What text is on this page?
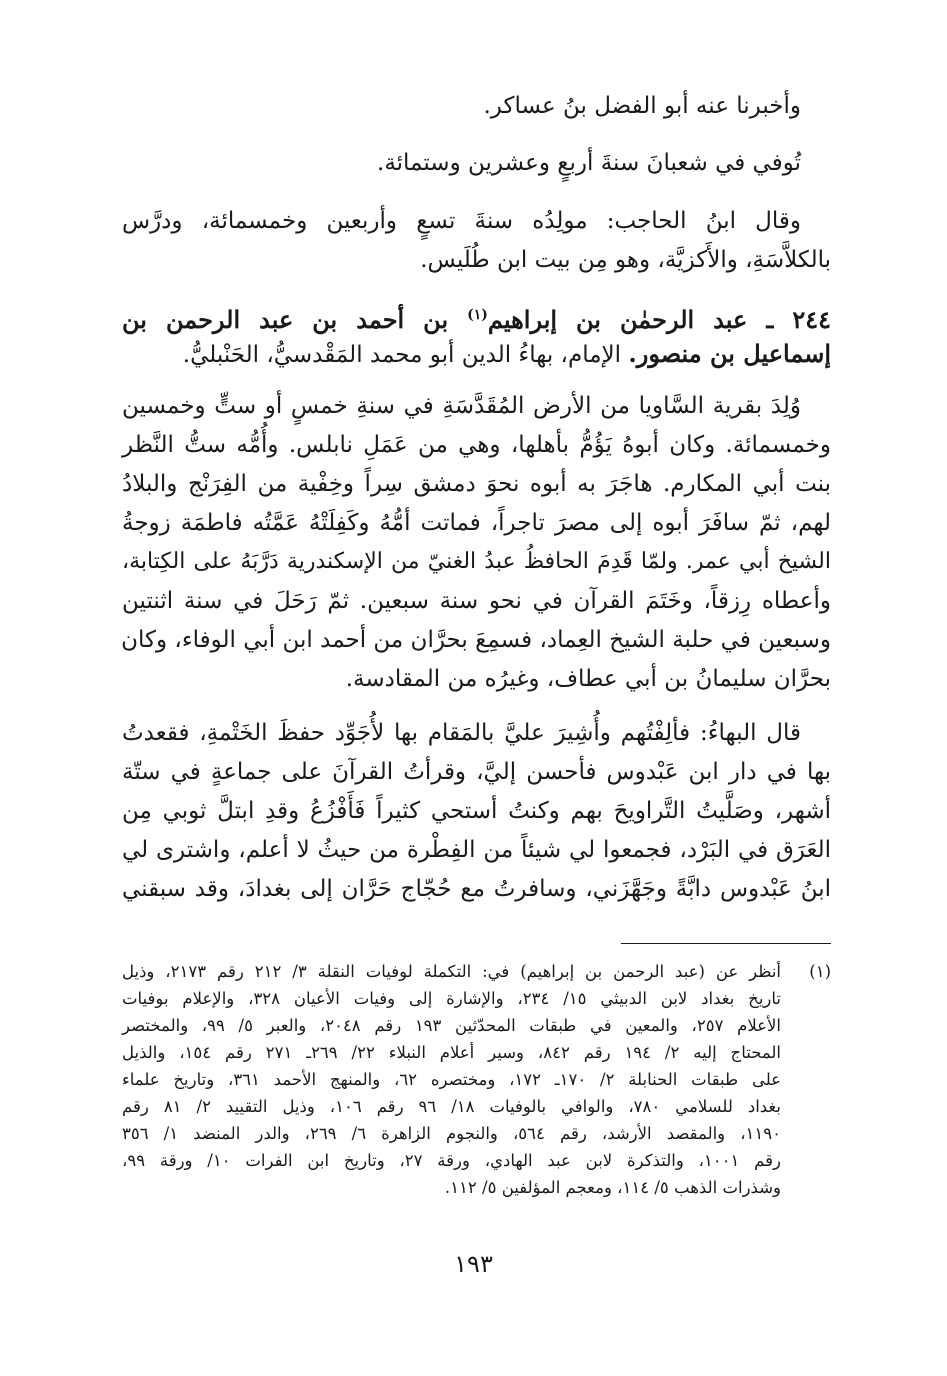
وأخبرنا عنه أبو الفضل بنُ عساكر.
تُوفي في شعبانَ سنةَ أربعٍ وعشرين وستمائة.
وقال ابنُ الحاجب: مولِدُه سنةَ تسعٍ وأربعين وخمسمائة، ودرَّس
بالكلاَّسَةِ، والأَكزيَّة، وهو مِن بيت ابن طُلَيس.
٢٤٤ ـ عبد الرحمٰن بن إبراهيم$^{(١)}$ بن أحمد بن عبد الرحمن بن
إسماعيل بن منصور. الإمام، بهاءُ الدين أبو محمد المَقْدسيُّ، الحَنْبليُّ.
وُلِدَ بقرية السَّاويا من الأرض المُقَدَّسَةِ في سنةِ خمسٍ أو ستٍّ وخمسين
وخمسمائة. وكان أبوهُ يَؤُمُّ بأهلها، وهي من عَمَلِ نابلس. وأُمُّه ستُّ النَّظر
بنت أبي المكارم. هاجَرَ به أبوه نحوَ دمشق سِراً وخِفْية من الفِرَنْج والبلادُ
لهم، ثمّ سافَرَ أبوه إلى مصرَ تاجراً، فماتت أمُّهُ وكَفِلَتْهُ عَمَّتُه فاطمَة زوجةُ
الشيخ أبي عمر. ولمّا قَدِمَ الحافظُ عبدُ الغنيّ من الإسكندرية دَرَّبَهُ على الكِتابة،
وأعطاه رِزقاً، وخَتَمَ القرآن في نحو سنة سبعين. ثمّ رَحَلَ في سنة اثنتين
وسبعين في حلبة الشيخ العِماد، فسمِعَ بحرَّان من أحمد ابن أبي الوفاء، وكان
بحرَّان سليمانُ بن أبي عطاف، وغيرُه من المقادسة.
قال البهاءُ: فألِفْتُهم وأُشِيرَ عليَّ بالمَقام بها لأُجَوِّد حفظَ الخَتْمةِ، فقعدتُ
بها في دار ابن عَبْدوس فأحسن إليَّ، وقرأتُ القرآنَ على جماعةٍ في ستّة
أشهر، وصَلَّيتُ التَّراويحَ بهم وكنتُ أستحي كثيراً فَأَفْزُعُ وقدِ ابتلَّ ثوبي مِن
العَرَق في البَرْد، فجمعوا لي شيئاً من الفِطْرة من حيثُ لا أعلم، واشترى لي
ابنُ عَبْدوس دابَّةً وجَهَّزَني، وسافرتُ مع حُجّاج حَرَّان إلى بغدادَ، وقد سبقني
(١)
أنظر عن (عبد الرحمن بن إبراهيم) في: التكملة لوفيات النقلة ٣/ ٢١٢ رقم ٢١٧٣، وذيل
تاريخ بغداد لابن الدبيثي ١٥/ ٢٣٤، والإشارة إلى وفيات الأعيان ٣٢٨، والإعلام بوفيات
الأعلام ٢٥٧، والمعين في طبقات المحدّثين ١٩٣ رقم ٢٠٤٨، والعبر ٥/ ٩٩، والمختصر
المحتاج إليه ٢/ ١٩٤ رقم ٨٤٢، وسير أعلام النبلاء ٢٢/ ٢٦٩ـ ٢٧١ رقم ١٥٤، والذيل
على طبقات الحنابلة ٢/ ١٧٠ـ ١٧٢، ومختصره ٦٢، والمنهج الأحمد ٣٦١، وتاريخ علماء
بغداد للسلامي ٧٨٠، والوافي بالوفيات ١٨/ ٩٦ رقم ١٠٦، وذيل التقييد ٢/ ٨١ رقم
١١٩٠، والمقصد الأرشد، رقم ٥٦٤، والنجوم الزاهرة ٦/ ٢٦٩، والدر المنضد ١/ ٣٥٦
رقم ١٠٠١، والتذكرة لابن عبد الهادي، ورقة ٢٧، وتاريخ ابن الفرات ١٠/ ورقة ٩٩،
وشذرات الذهب ٥/ ١١٤، ومعجم المؤلفين ٥/ ١١٢.
١٩٣
